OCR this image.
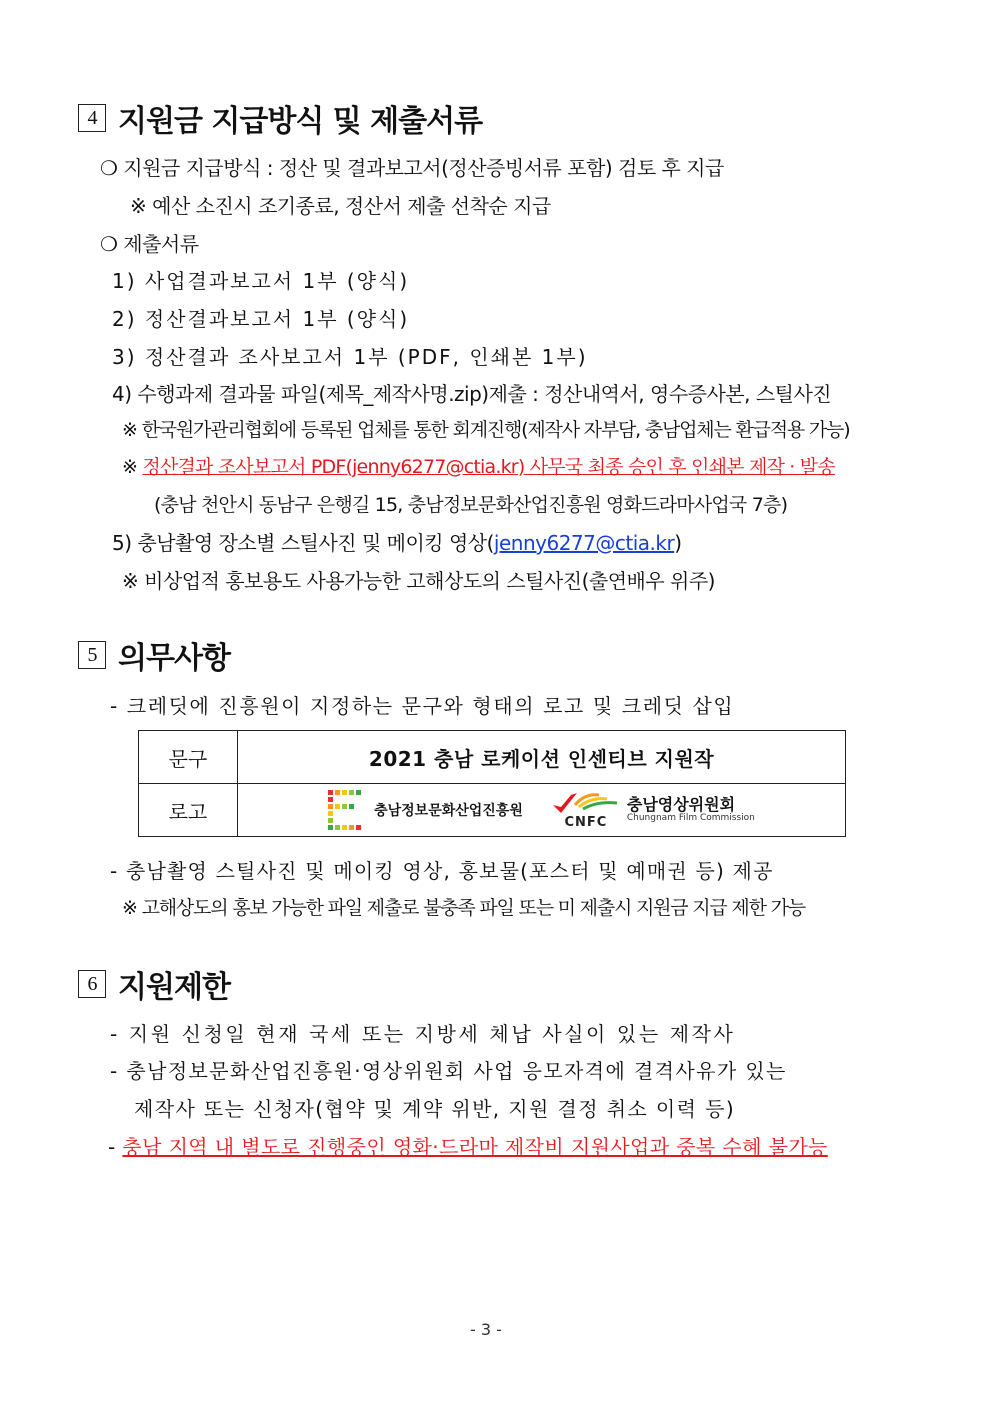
4 지원금 지급방식 및 제출서류
❍ 지원금 지급방식 : 정산 및 결과보고서(정산증빙서류 포함) 검토 후 지급
※ 예산 소진시 조기종료, 정산서 제출 선착순 지급
❍ 제출서류
1) 사업결과보고서 1부 (양식)
2) 정산결과보고서 1부 (양식)
3) 정산결과 조사보고서 1부 (PDF, 인쇄본 1부)
4) 수행과제 결과물 파일(제목_제작사명.zip)제출 : 정산내역서, 영수증사본, 스틸사진
※ 한국원가관리협회에 등록된 업체를 통한 회계진행(제작사 자부담, 충남업체는 환급적용 가능)
※ 정산결과 조사보고서 PDF(jenny6277@ctia.kr) 사무국 최종 승인 후 인쇄본 제작 · 발송
(충남 천안시 동남구 은행길 15, 충남정보문화산업진흥원 영화드라마사업국 7층)
5) 충남촬영 장소별 스틸사진 및 메이킹 영상(jenny6277@ctia.kr)
※ 비상업적 홍보용도 사용가능한 고해상도의 스틸사진(출연배우 위주)
5 의무사항
- 크레딧에 진흥원이 지정하는 문구와 형태의 로고 및 크레딧 삽입
문구	2021 충남 로케이션 인센티브 지원작
로고	충남정보문화산업진흥원
CNFC
충남영상위원회
Chungnam Film Commission
- 충남촬영 스틸사진 및 메이킹 영상, 홍보물(포스터 및 예매권 등) 제공
※ 고해상도의 홍보 가능한 파일 제출로 불충족 파일 또는 미 제출시 지원금 지급 제한 가능
6 지원제한
- 지원 신청일 현재 국세 또는 지방세 체납 사실이 있는 제작사
- 충남정보문화산업진흥원·영상위원회 사업 응모자격에 결격사유가 있는
제작사 또는 신청자(협약 및 계약 위반, 지원 결정 취소 이력 등)
- 충남 지역 내 별도로 진행중인 영화·드라마 제작비 지원사업과 중복 수혜 불가능
- 3 -
